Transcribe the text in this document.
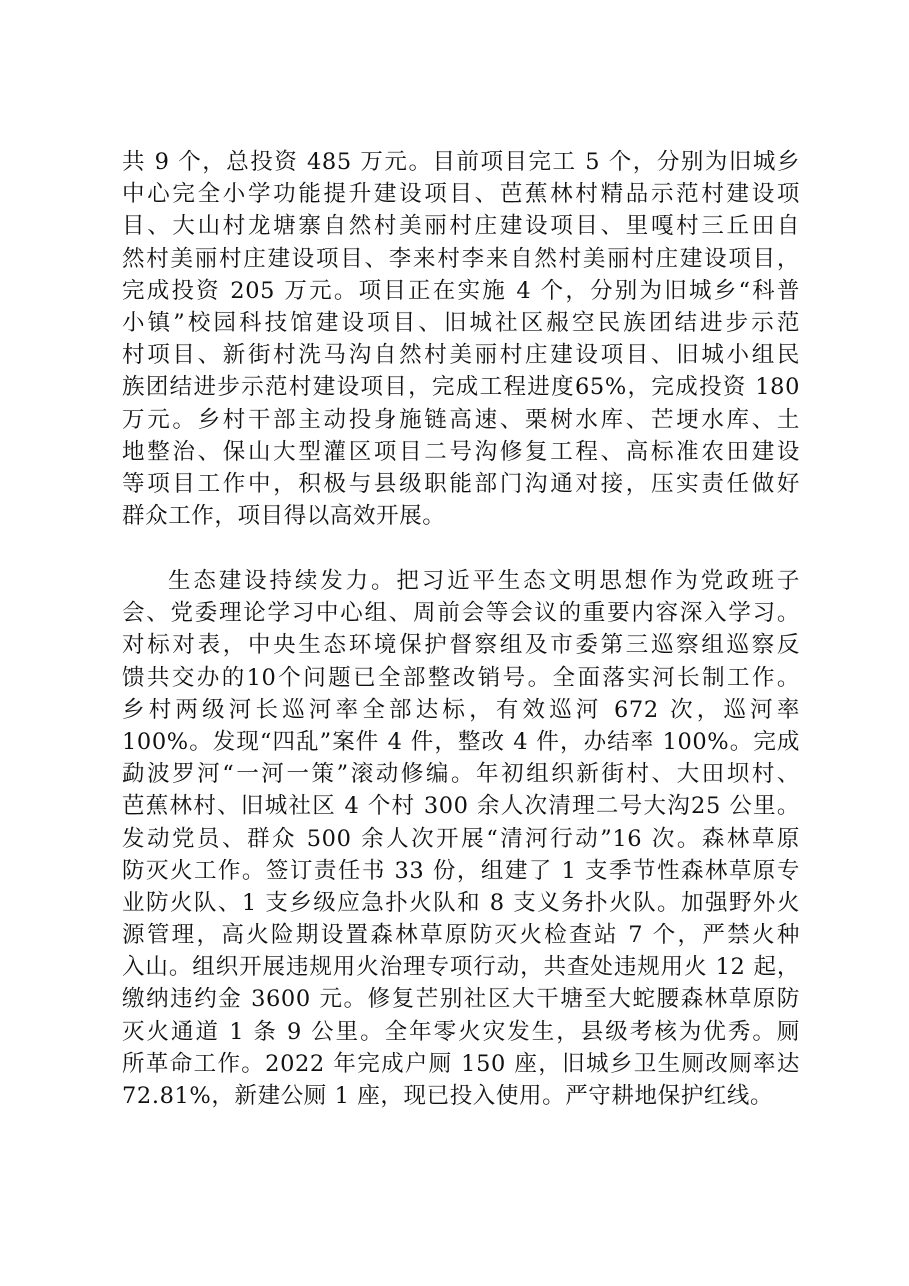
共 9 个，总投资 485 万元。目前项目完工 5 个，分别为旧城乡
中心完全小学功能提升建设项目、芭蕉林村精品示范村建设项
目、大山村龙塘寨自然村美丽村庄建设项目、里嘎村三丘田自
然村美丽村庄建设项目、李来村李来自然村美丽村庄建设项目，
完成投资 205 万元。项目正在实施 4 个，分别为旧城乡“科普
小镇”校园科技馆建设项目、旧城社区赧空民族团结进步示范
村项目、新街村洗马沟自然村美丽村庄建设项目、旧城小组民
族团结进步示范村建设项目，完成工程进度65%，完成投资 180
万元。乡村干部主动投身施链高速、栗树水库、芒埂水库、土
地整治、保山大型灌区项目二号沟修复工程、高标准农田建设
等项目工作中，积极与县级职能部门沟通对接，压实责任做好
群众工作，项目得以高效开展。
生态建设持续发力。把习近平生态文明思想作为党政班子
会、党委理论学习中心组、周前会等会议的重要内容深入学习。
对标对表，中央生态环境保护督察组及市委第三巡察组巡察反
馈共交办的10个问题已全部整改销号。全面落实河长制工作。
乡村两级河长巡河率全部达标，有效巡河 672 次，巡河率
100%。发现“四乱”案件 4 件，整改 4 件，办结率 100%。完成
勐波罗河“一河一策”滚动修编。年初组织新街村、大田坝村、
芭蕉林村、旧城社区 4 个村 300 余人次清理二号大沟25 公里。
发动党员、群众 500 余人次开展“清河行动”16 次。森林草原
防灭火工作。签订责任书 33 份，组建了 1 支季节性森林草原专
业防火队、1 支乡级应急扑火队和 8 支义务扑火队。加强野外火
源管理，高火险期设置森林草原防灭火检查站 7 个，严禁火种
入山。组织开展违规用火治理专项行动，共查处违规用火 12 起，
缴纳违约金 3600 元。修复芒别社区大干塘至大蛇腰森林草原防
灭火通道 1 条 9 公里。全年零火灾发生，县级考核为优秀。厕
所革命工作。2022 年完成户厕 150 座，旧城乡卫生厕改厕率达
72.81%，新建公厕 1 座，现已投入使用。严守耕地保护红线。
